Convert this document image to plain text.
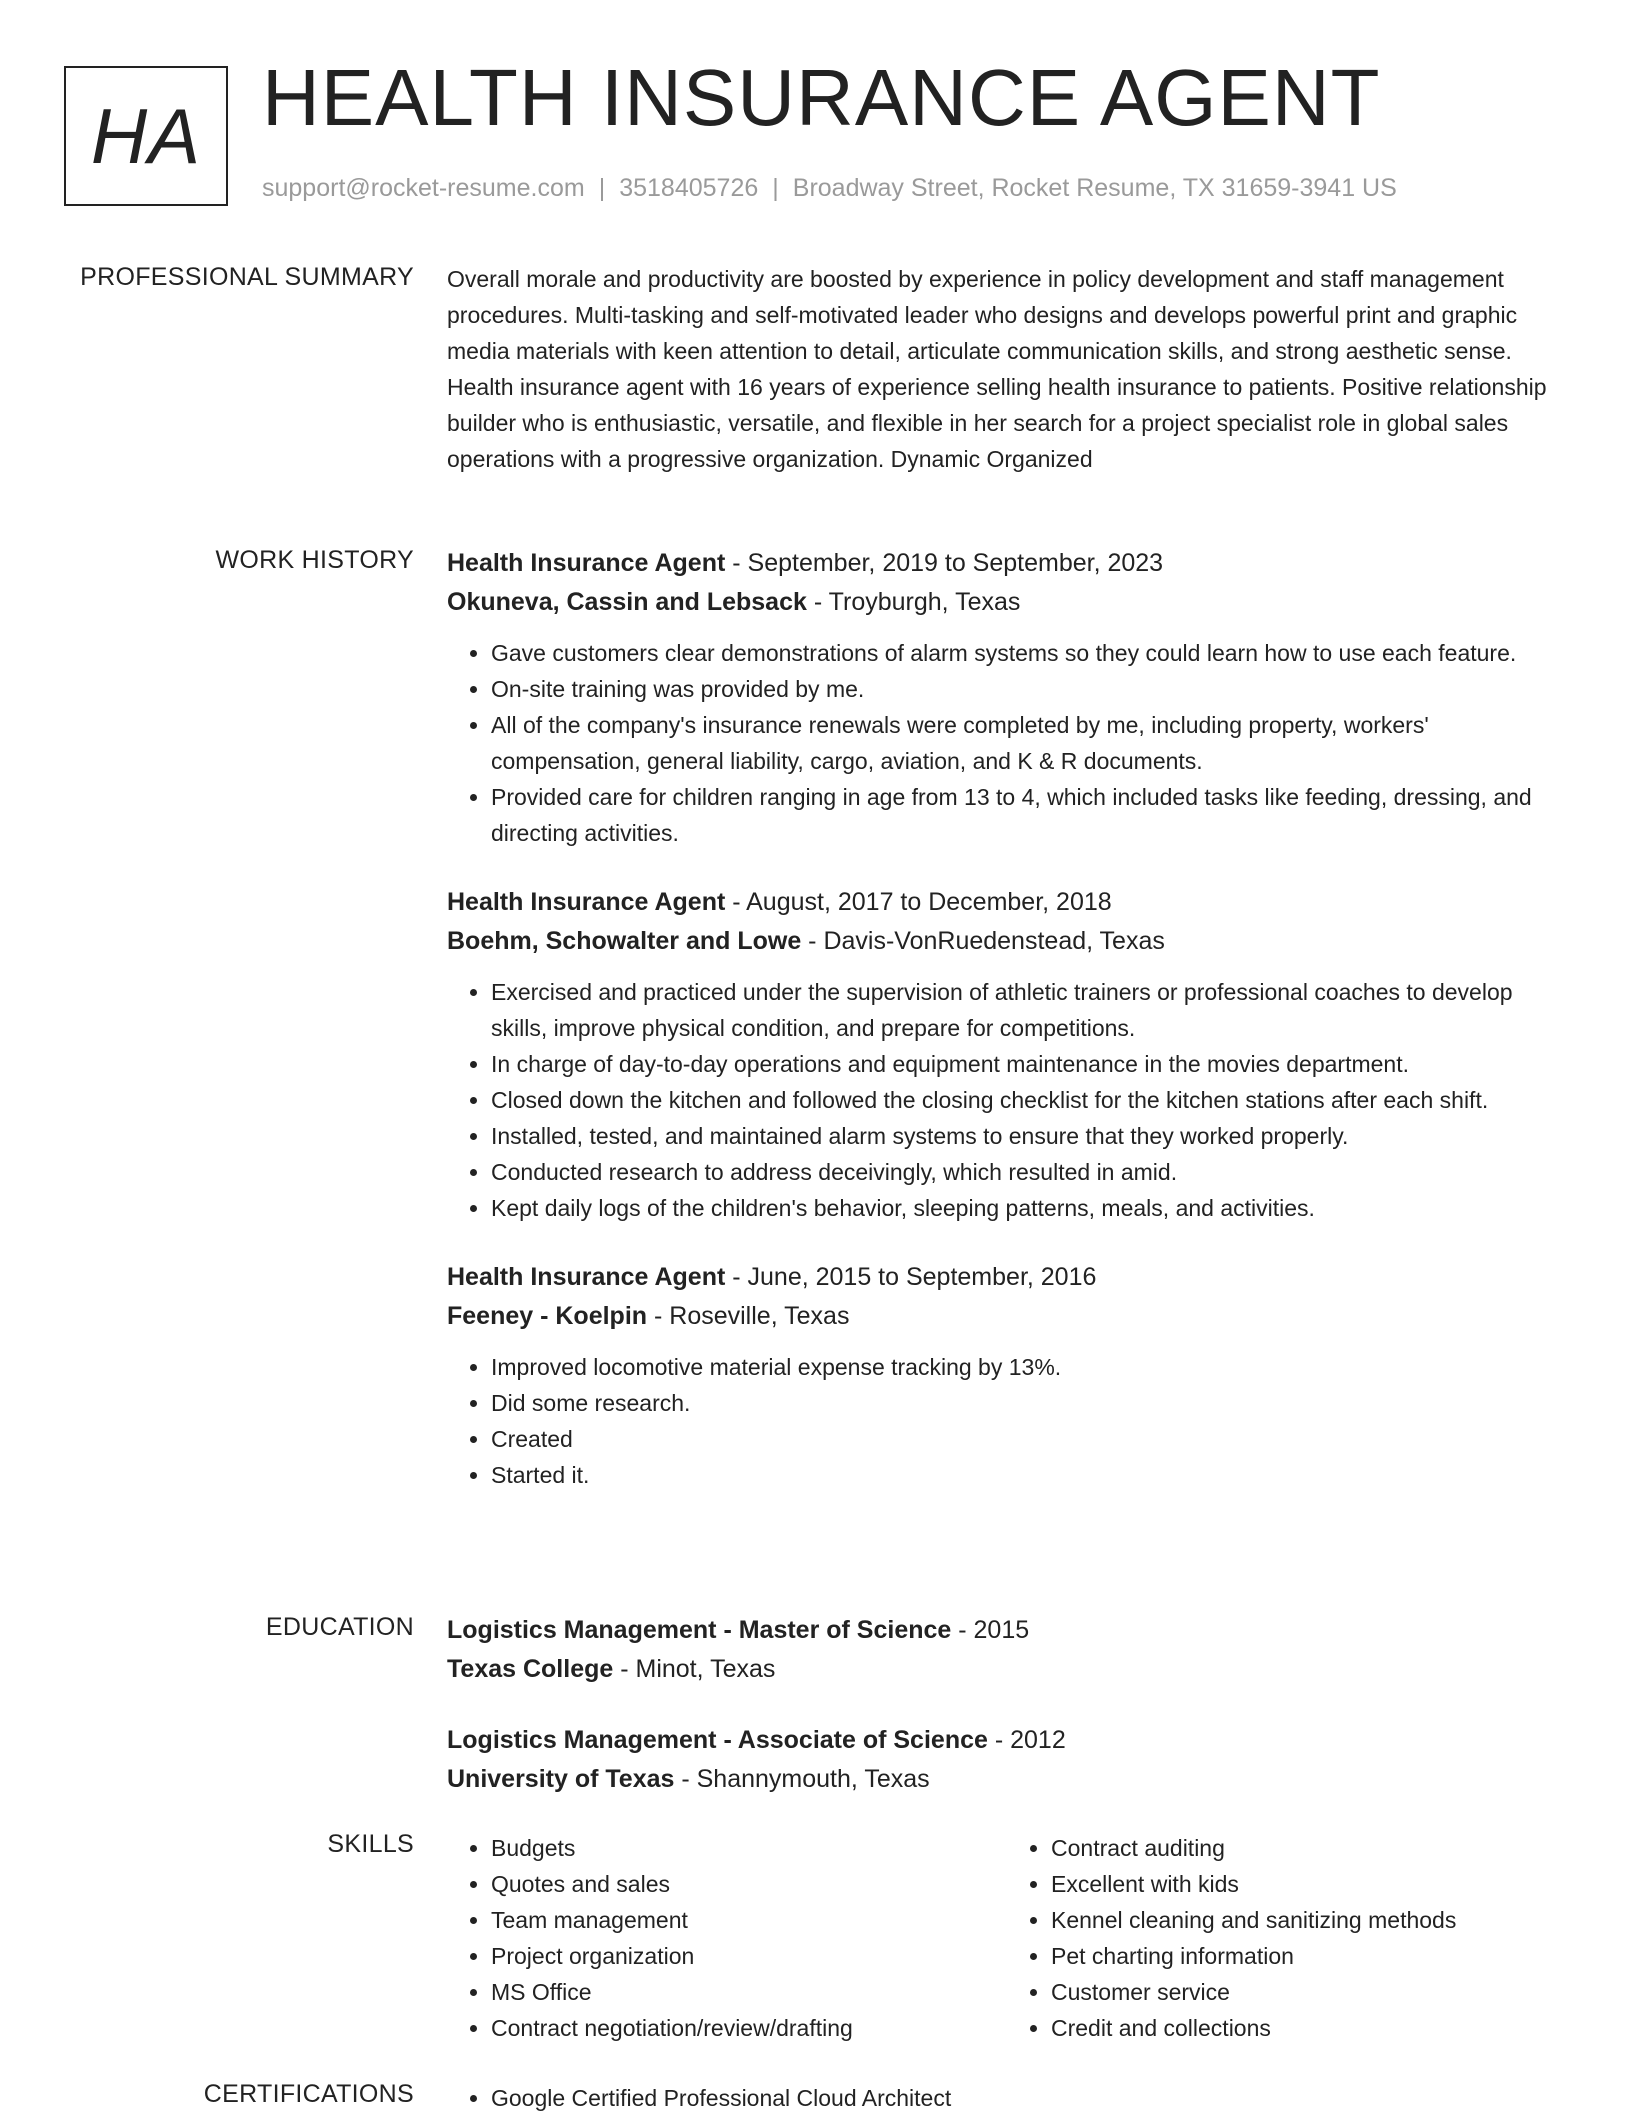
HA HEALTH INSURANCE AGENT
support@rocket-resume.com | 3518405726 | Broadway Street, Rocket Resume, TX 31659-3941 US
PROFESSIONAL SUMMARY Overall morale and productivity are boosted by experience in policy development and staff management procedures. Multi-tasking and self-motivated leader who designs and develops powerful print and graphic media materials with keen attention to detail, articulate communication skills, and strong aesthetic sense. Health insurance agent with 16 years of experience selling health insurance to patients. Positive relationship builder who is enthusiastic, versatile, and flexible in her search for a project specialist role in global sales operations with a progressive organization. Dynamic Organized

WORK HISTORY Health Insurance Agent - September, 2019 to September, 2023
Okuneva, Cassin and Lebsack - Troyburgh, Texas
• Gave customers clear demonstrations of alarm systems so they could learn how to use each feature.
• On-site training was provided by me.
• All of the company's insurance renewals were completed by me, including property, workers' compensation, general liability, cargo, aviation, and K & R documents.
• Provided care for children ranging in age from 13 to 4, which included tasks like feeding, dressing, and directing activities.
Health Insurance Agent - August, 2017 to December, 2018
Boehm, Schowalter and Lowe - Davis-VonRuedenstead, Texas
• Exercised and practiced under the supervision of athletic trainers or professional coaches to develop skills, improve physical condition, and prepare for competitions.
• In charge of day-to-day operations and equipment maintenance in the movies department.
• Closed down the kitchen and followed the closing checklist for the kitchen stations after each shift.
• Installed, tested, and maintained alarm systems to ensure that they worked properly.
• Conducted research to address deceivingly, which resulted in amid.
• Kept daily logs of the children's behavior, sleeping patterns, meals, and activities.
Health Insurance Agent - June, 2015 to September, 2016
Feeney - Koelpin - Roseville, Texas
• Improved locomotive material expense tracking by 13%.
• Did some research.
• Created
• Started it.
EDUCATION Logistics Management - Master of Science - 2015
Texas College - Minot, Texas
Logistics Management - Associate of Science - 2012
University of Texas - Shannymouth, Texas
SKILLS	• Budgets
• Quotes and sales
• Team management
• Project organization
• MS Office
• Contract negotiation/review/drafting
• Contract auditing
• Excellent with kids
• Kennel cleaning and sanitizing methods
• Pet charting information
• Customer service
• Credit and collections
CERTIFICATIONS	• Google Certified Professional Cloud Architect
